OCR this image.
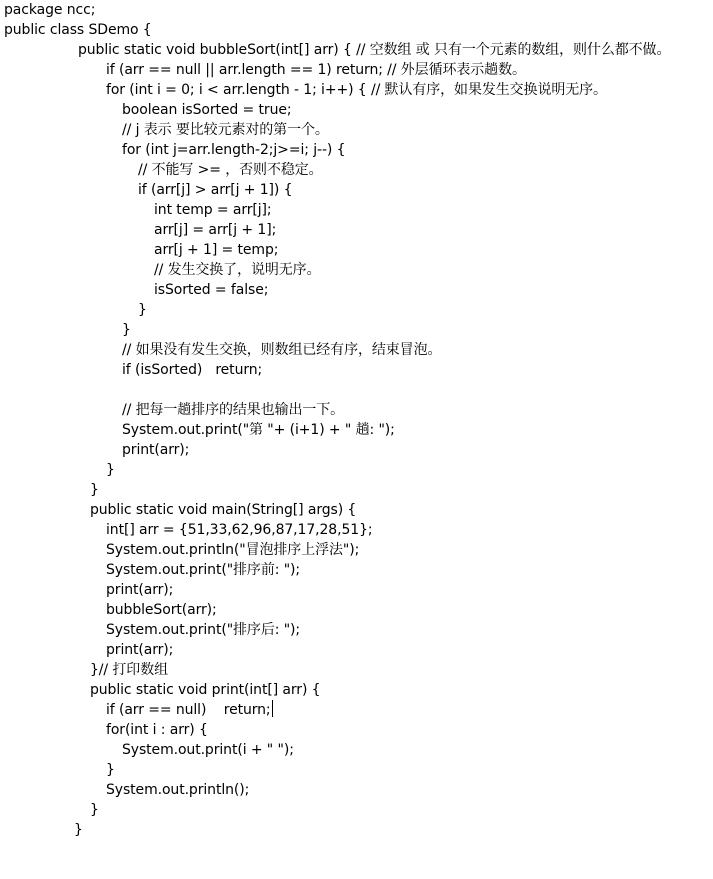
package ncc;
public class SDemo {
public static void bubbleSort(int[] arr) { // 空数组 或 只有一个元素的数组，则什么都不做。
if (arr == null || arr.length == 1) return; // 外层循环表示趟数。
for (int i = 0; i < arr.length - 1; i++) { // 默认有序，如果发生交换说明无序。
boolean isSorted = true;
// j 表示 要比较元素对的第一个。
for (int j=arr.length-2;j>=i; j--) {
// 不能写 >= ，否则不稳定。
if (arr[j] > arr[j + 1]) {
int temp = arr[j];
arr[j] = arr[j + 1];
arr[j + 1] = temp;
// 发生交换了，说明无序。
isSorted = false;
}
}
// 如果没有发生交换，则数组已经有序，结束冒泡。
if (isSorted)   return;
// 把每一趟排序的结果也输出一下。
System.out.print("第 "+ (i+1) + " 趟: ");
print(arr);
}
}
public static void main(String[] args) {
int[] arr = {51,33,62,96,87,17,28,51};
System.out.println("冒泡排序上浮法");
System.out.print("排序前: ");
print(arr);
bubbleSort(arr);
System.out.print("排序后: ");
print(arr);
}// 打印数组
public static void print(int[] arr) {
if (arr == null)    return;
for(int i : arr) {
System.out.print(i + " ");
}
System.out.println();
}
}
